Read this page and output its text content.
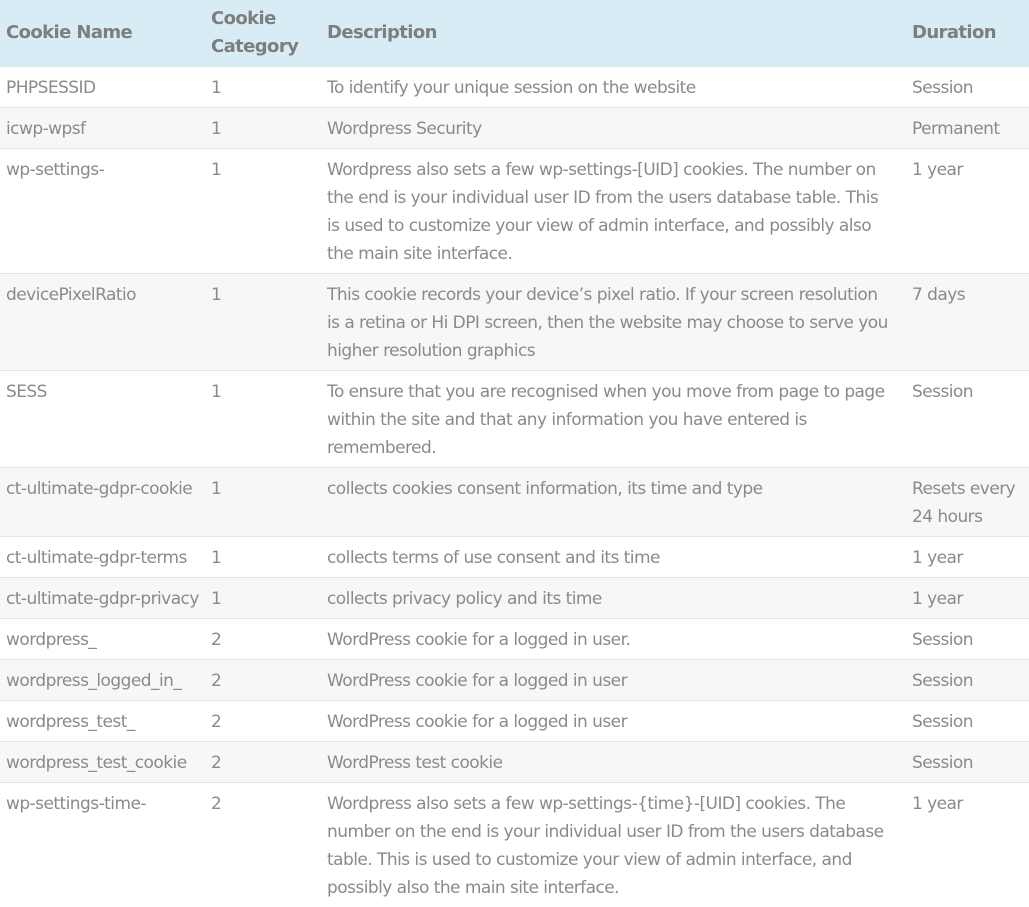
Cookie Name	Cookie Category	Description	Duration
PHPSESSID	1	To identify your unique session on the website	Session
icwp-wpsf	1	Wordpress Security	Permanent
wp-settings-	1	Wordpress also sets a few wp-settings-[UID] cookies. The number on the end is your individual user ID from the users database table. This is used to customize your view of admin interface, and possibly also the main site interface.	1 year
devicePixelRatio	1	This cookie records your device’s pixel ratio. If your screen resolution is a retina or Hi DPI screen, then the website may choose to serve you higher resolution graphics	7 days
SESS	1	To ensure that you are recognised when you move from page to page within the site and that any information you have entered is remembered.	Session
ct-ultimate-gdpr-cookie	1	collects cookies consent information, its time and type	Resets every 24 hours
ct-ultimate-gdpr-terms	1	collects terms of use consent and its time	1 year
ct-ultimate-gdpr-privacy	1	collects privacy policy and its time	1 year
wordpress_	2	WordPress cookie for a logged in user.	Session
wordpress_logged_in_	2	WordPress cookie for a logged in user	Session
wordpress_test_	2	WordPress cookie for a logged in user	Session
wordpress_test_cookie	2	WordPress test cookie	Session
wp-settings-time-	2	Wordpress also sets a few wp-settings-{time}-[UID] cookies. The number on the end is your individual user ID from the users database table. This is used to customize your view of admin interface, and possibly also the main site interface.	1 year
